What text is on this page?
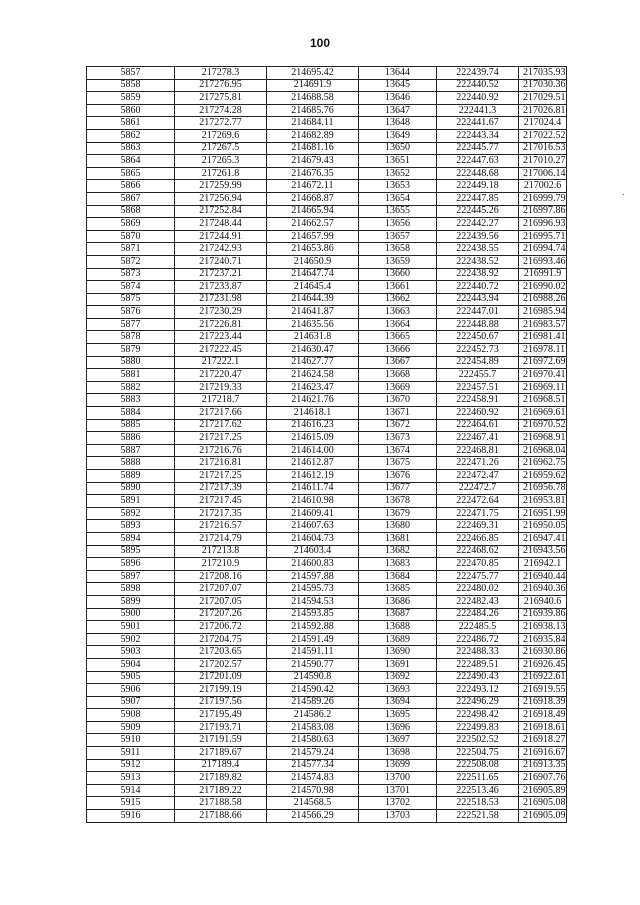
100
.
5857	217278.3	214695.42	13644	222439.74	217035.93
5858	217276.95	214691.9	13645	222440.52	217030.36
5859	217275.81	214688.58	13646	222440.92	217029.51
5860	217274.28	214685.76	13647	222441.3	217026.81
5861	217272.77	214684.11	13648	222441.67	217024.4
5862	217269.6	214682.89	13649	222443.34	217022.52
5863	217267.5	214681.16	13650	222445.77	217016.53
5864	217265.3	214679.43	13651	222447.63	217010.27
5865	217261.8	214676.35	13652	222448.68	217006.14
5866	217259.99	214672.11	13653	222449.18	217002.6
5867	217256.94	214668.87	13654	222447.85	216999.79
5868	217252.84	214665.94	13655	222445.26	216997.86
5869	217248.44	214662.57	13656	222442.27	216996.93
5870	217244.91	214657.99	13657	222439.56	216995.71
5871	217242.93	214653.86	13658	222438.55	216994.74
5872	217240.71	214650.9	13659	222438.52	216993.46
5873	217237.21	214647.74	13660	222438.92	216991.9
5874	217233.87	214645.4	13661	222440.72	216990.02
5875	217231.98	214644.39	13662	222443.94	216988.26
5876	217230.29	214641.87	13663	222447.01	216985.94
5877	217226.81	214635.56	13664	222448.88	216983.57
5878	217223.44	214631.8	13665	222450.67	216981.41
5879	217222.45	214630.47	13666	222452.73	216978.11
5880	217222.1	214627.77	13667	222454.89	216972.69
5881	217220.47	214624.58	13668	222455.7	216970.41
5882	217219.33	214623.47	13669	222457.51	216969.11
5883	217218.7	214621.76	13670	222458.91	216968.51
5884	217217.66	214618.1	13671	222460.92	216969.61
5885	217217.62	214616.23	13672	222464.61	216970.52
5886	217217.25	214615.09	13673	222467.41	216968.91
5887	217216.76	214614.00	13674	222468.81	216968.04
5888	217216.81	214612.87	13675	222471.26	216962.75
5889	217217.25	214612.19	13676	222472.47	216959.62
5890	217217.39	214611.74	13677	222472.7	216956.78
5891	217217.45	214610.98	13678	222472.64	216953.81
5892	217217.35	214609.41	13679	222471.75	216951.99
5893	217216.57	214607.63	13680	222469.31	216950.05
5894	217214.79	214604.73	13681	222466.85	216947.41
5895	217213.8	214603.4	13682	222468.62	216943.56
5896	217210.9	214600.83	13683	222470.85	216942.1
5897	217208.16	214597.88	13684	222475.77	216940.44
5898	217207.07	214595.73	13685	222480.02	216940.36
5899	217207.05	214594.53	13686	222482.43	216940.6
5900	217207.26	214593.85	13687	222484.26	216939.86
5901	217206.72	214592.88	13688	222485.5	216938.13
5902	217204.75	214591.49	13689	222486.72	216935.84
5903	217203.65	214591.11	13690	222488.33	216930.86
5904	217202.57	214590.77	13691	222489.51	216926.45
5905	217201.09	214590.8	13692	222490.43	216922.61
5906	217199.19	214590.42	13693	222493.12	216919.55
5907	217197.56	214589.26	13694	222496.29	216918.39
5908	217195.49	214586.2	13695	222498.42	216918.49
5909	217193.71	214583.08	13696	222499.83	216918.61
5910	217191.59	214580.63	13697	222502.52	216918.27
5911	217189.67	214579.24	13698	222504.75	216916.67
5912	217189.4	214577.34	13699	222508.08	216913.35
5913	217189.82	214574.83	13700	222511.65	216907.76
5914	217189.22	214570.98	13701	222513.46	216905.89
5915	217188.58	214568.5	13702	222518.53	216905.08
5916	217188.66	214566.29	13703	222521.58	216905.09
